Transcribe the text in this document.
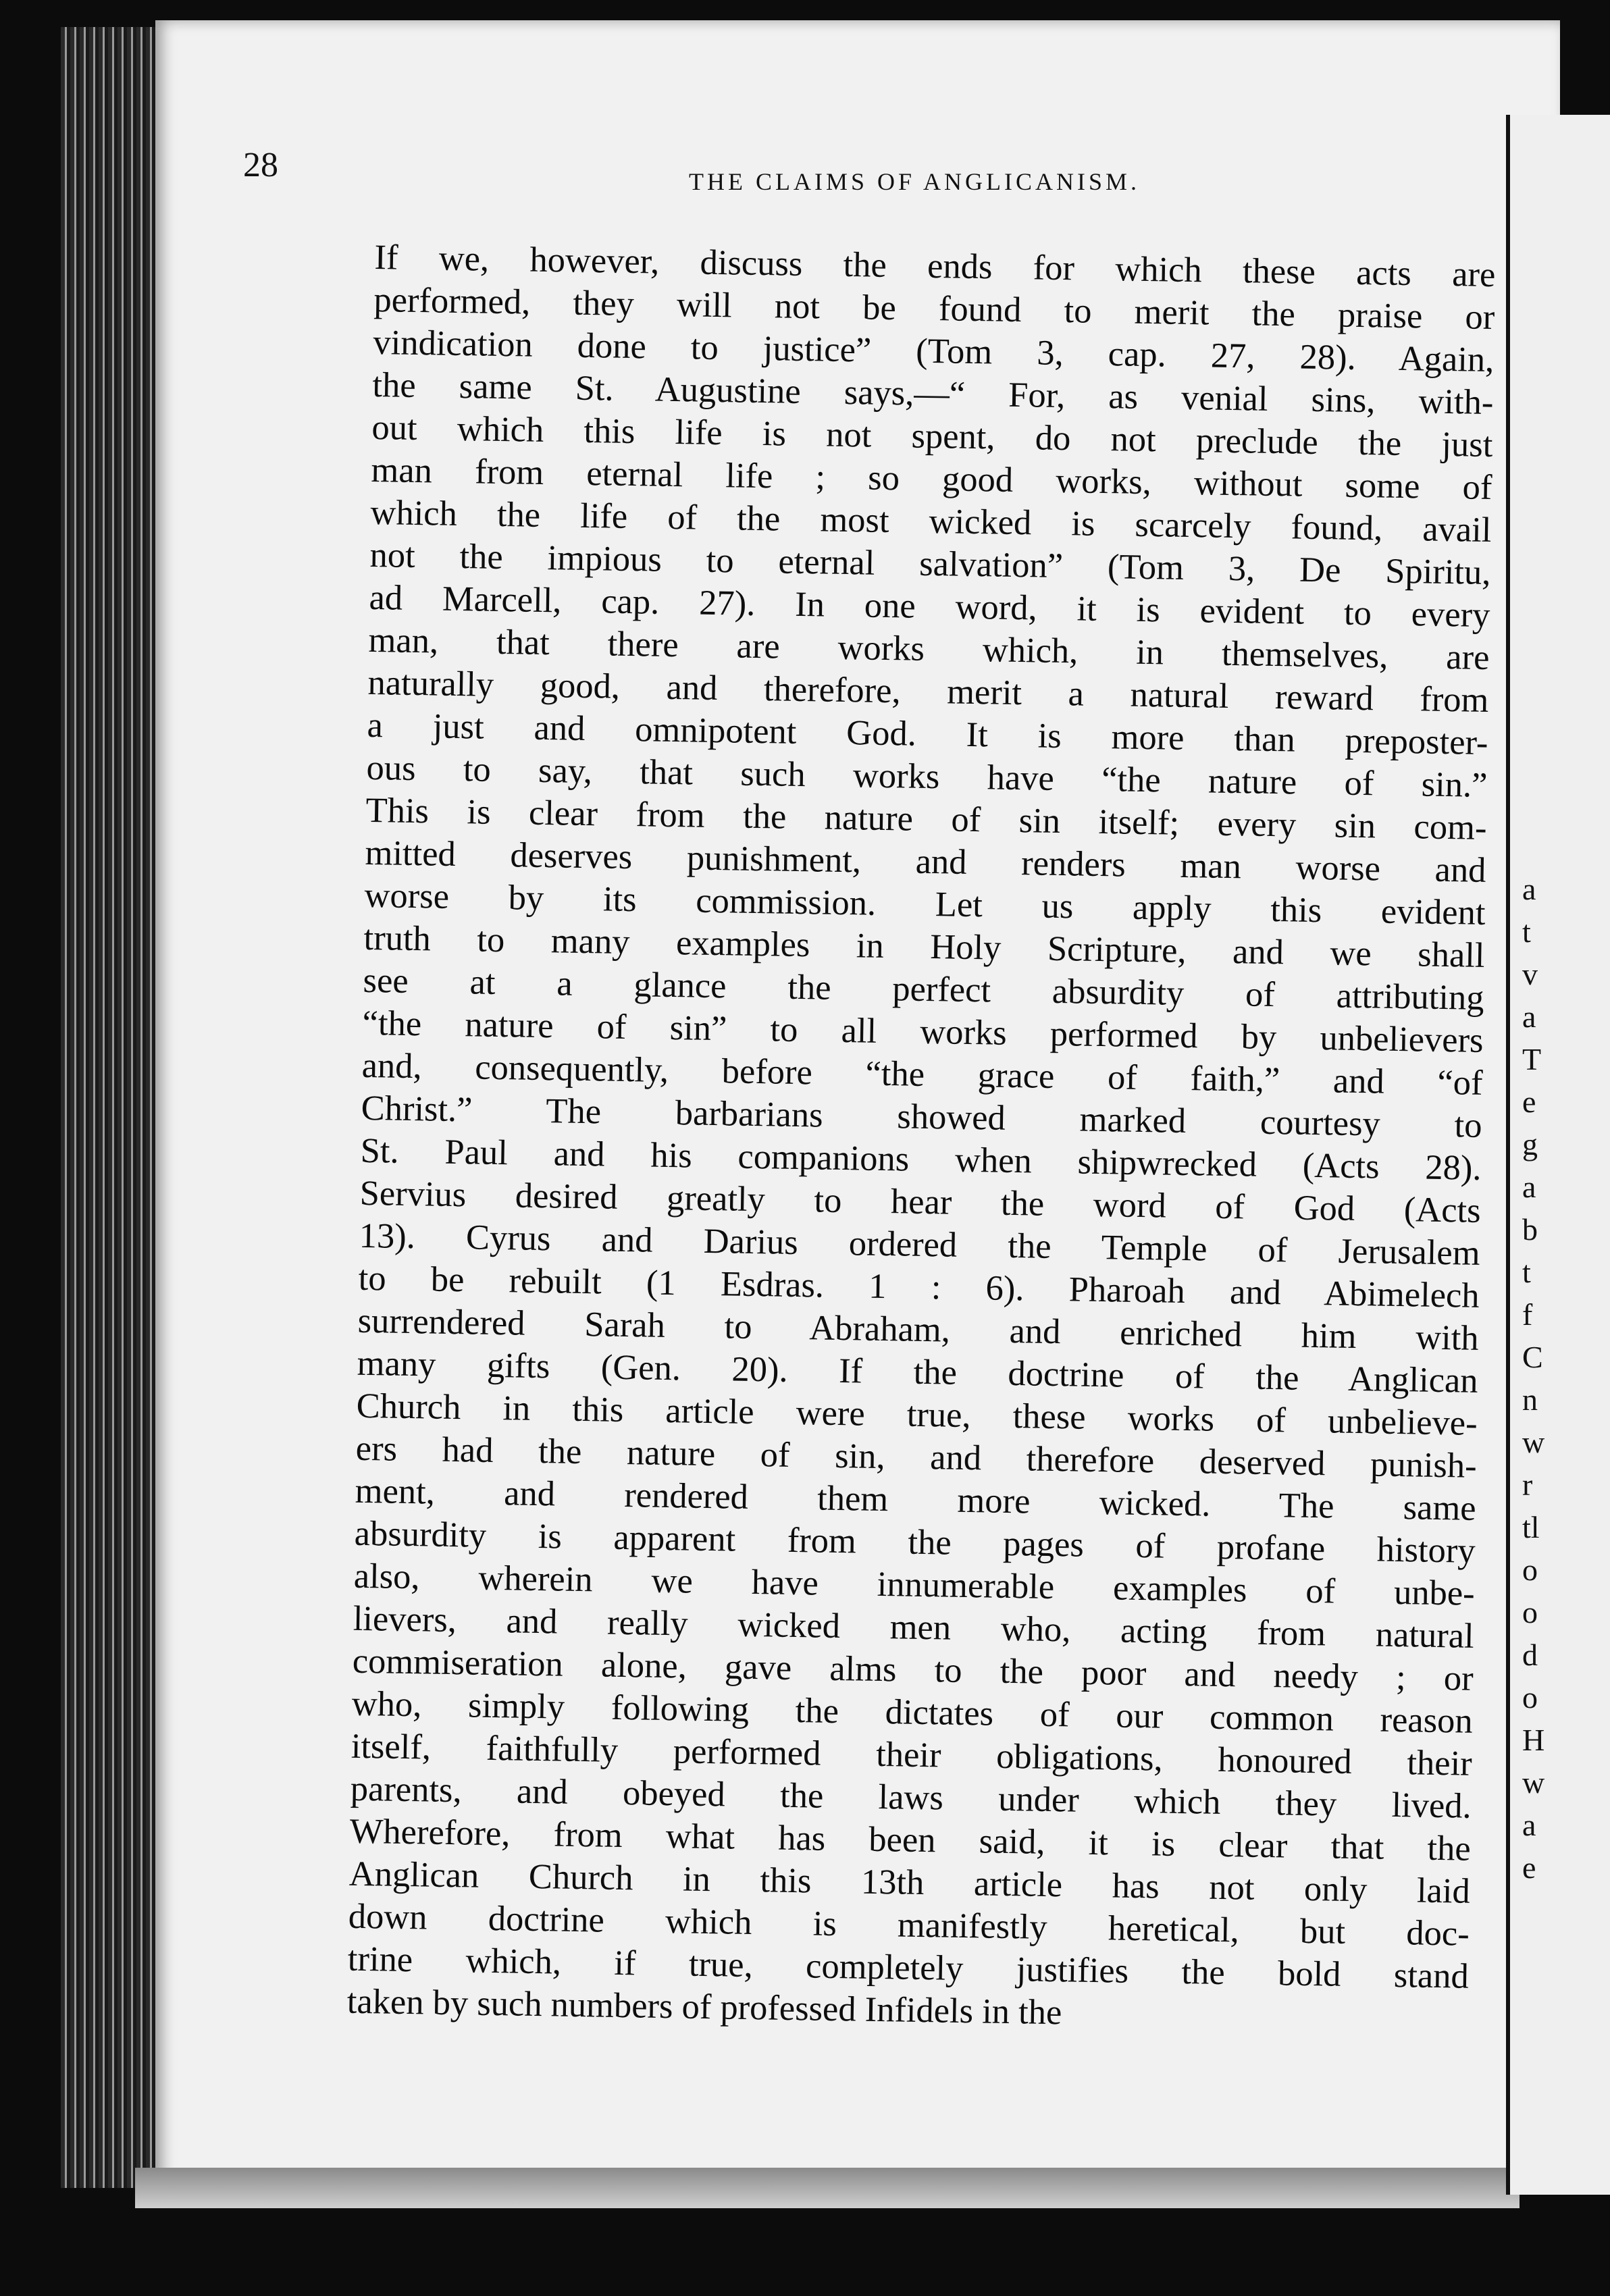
a
t
v
a
T
e
g
a
b
t
f
C
n
w
r
tl
o
o
d
o
H
w
a
e
28	THE CLAIMS OF ANGLICANISM.
If we, however, discuss the ends for which these acts are
performed, they will not be found to merit the praise or
vindication done to justice” (Tom 3, cap. 27, 28). Again,
the same St. Augustine says,—“ For, as venial sins, with-
out which this life is not spent, do not preclude the just
man from eternal life ; so good works, without some of
which the life of the most wicked is scarcely found, avail
not the impious to eternal salvation” (Tom 3, De Spiritu,
ad Marcell, cap. 27). In one word, it is evident to every
man, that there are works which, in themselves, are
naturally good, and therefore, merit a natural reward from
a just and omnipotent God. It is more than preposter-
ous to say, that such works have “the nature of sin.”
This is clear from the nature of sin itself; every sin com-
mitted deserves punishment, and renders man worse and
worse by its commission. Let us apply this evident
truth to many examples in Holy Scripture, and we shall
see at a glance the perfect absurdity of attributing
“the nature of sin” to all works performed by unbelievers
and, consequently, before “the grace of faith,” and “of
Christ.” The barbarians showed marked courtesy to
St. Paul and his companions when shipwrecked (Acts 28).
Servius desired greatly to hear the word of God (Acts
13). Cyrus and Darius ordered the Temple of Jerusalem
to be rebuilt (1 Esdras. 1 : 6). Pharoah and Abimelech
surrendered Sarah to Abraham, and enriched him with
many gifts (Gen. 20). If the doctrine of the Anglican
Church in this article were true, these works of unbelieve-
ers had the nature of sin, and therefore deserved punish-
ment, and rendered them more wicked. The same
absurdity is apparent from the pages of profane history
also, wherein we have innumerable examples of unbe-
lievers, and really wicked men who, acting from natural
commiseration alone, gave alms to the poor and needy ; or
who, simply following the dictates of our common reason
itself, faithfully performed their obligations, honoured their
parents, and obeyed the laws under which they lived.
Wherefore, from what has been said, it is clear that the
Anglican Church in this 13th article has not only laid
down doctrine which is manifestly heretical, but doc-
trine which, if true, completely justifies the bold stand
taken by such numbers of professed Infidels in the
